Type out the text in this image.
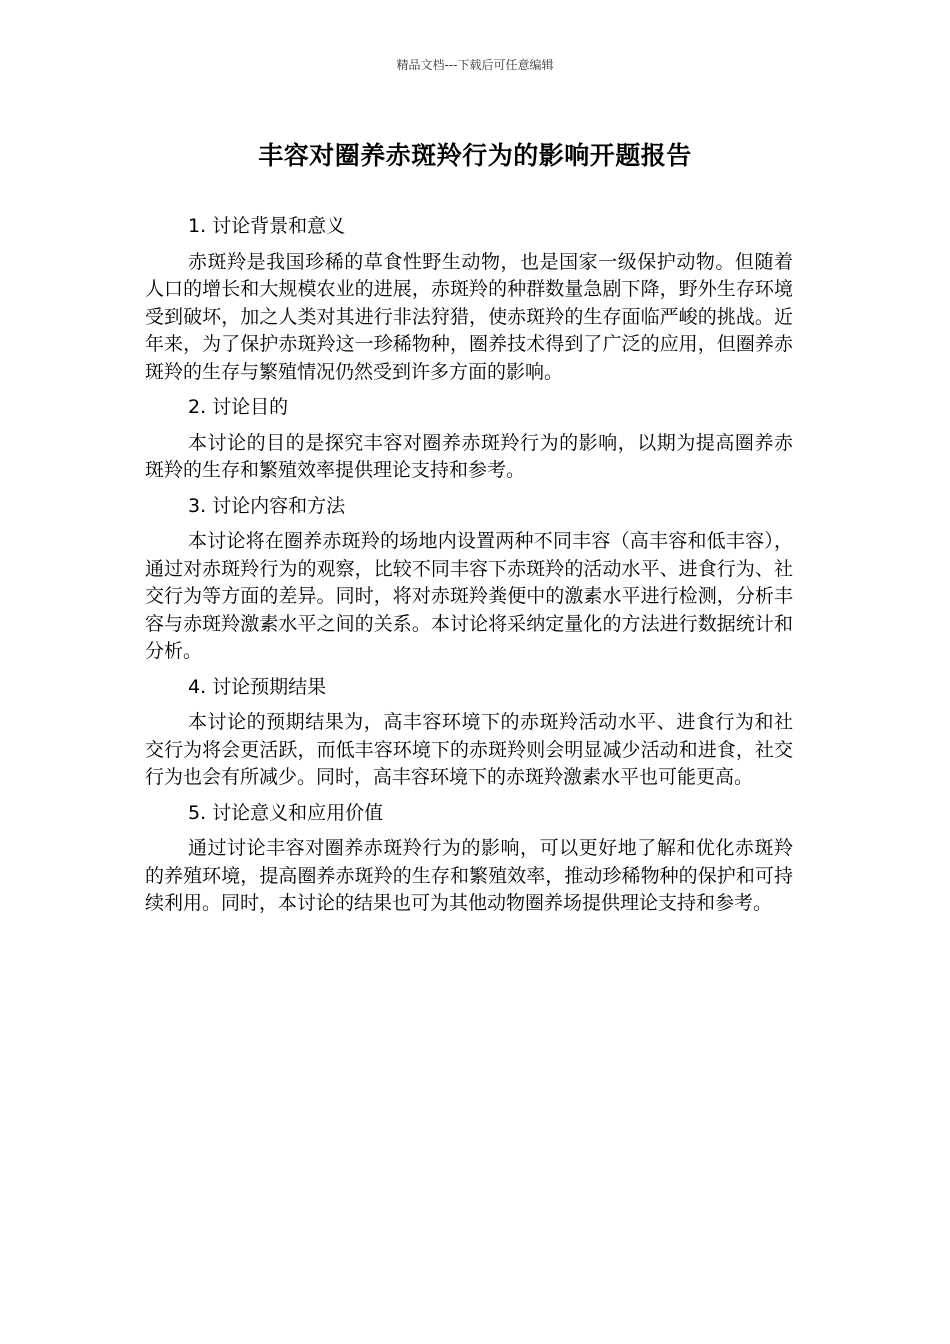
精品文档---下载后可任意编辑
丰容对圈养赤斑羚行为的影响开题报告

1. 讨论背景和意义

赤斑羚是我国珍稀的草食性野生动物，也是国家一级保护动物。但随着人口的增长和大规模农业的进展，赤斑羚的种群数量急剧下降，野外生存环境受到破坏，加之人类对其进行非法狩猎，使赤斑羚的生存面临严峻的挑战。近年来，为了保护赤斑羚这一珍稀物种，圈养技术得到了广泛的应用，但圈养赤斑羚的生存与繁殖情况仍然受到许多方面的影响。

2. 讨论目的

本讨论的目的是探究丰容对圈养赤斑羚行为的影响，以期为提高圈养赤斑羚的生存和繁殖效率提供理论支持和参考。

3. 讨论内容和方法

本讨论将在圈养赤斑羚的场地内设置两种不同丰容（高丰容和低丰容），通过对赤斑羚行为的观察，比较不同丰容下赤斑羚的活动水平、进食行为、社交行为等方面的差异。同时，将对赤斑羚粪便中的激素水平进行检测，分析丰容与赤斑羚激素水平之间的关系。本讨论将采纳定量化的方法进行数据统计和分析。

4. 讨论预期结果

本讨论的预期结果为，高丰容环境下的赤斑羚活动水平、进食行为和社交行为将会更活跃，而低丰容环境下的赤斑羚则会明显减少活动和进食，社交行为也会有所减少。同时，高丰容环境下的赤斑羚激素水平也可能更高。

5. 讨论意义和应用价值

通过讨论丰容对圈养赤斑羚行为的影响，可以更好地了解和优化赤斑羚的养殖环境，提高圈养赤斑羚的生存和繁殖效率，推动珍稀物种的保护和可持续利用。同时，本讨论的结果也可为其他动物圈养场提供理论支持和参考。
